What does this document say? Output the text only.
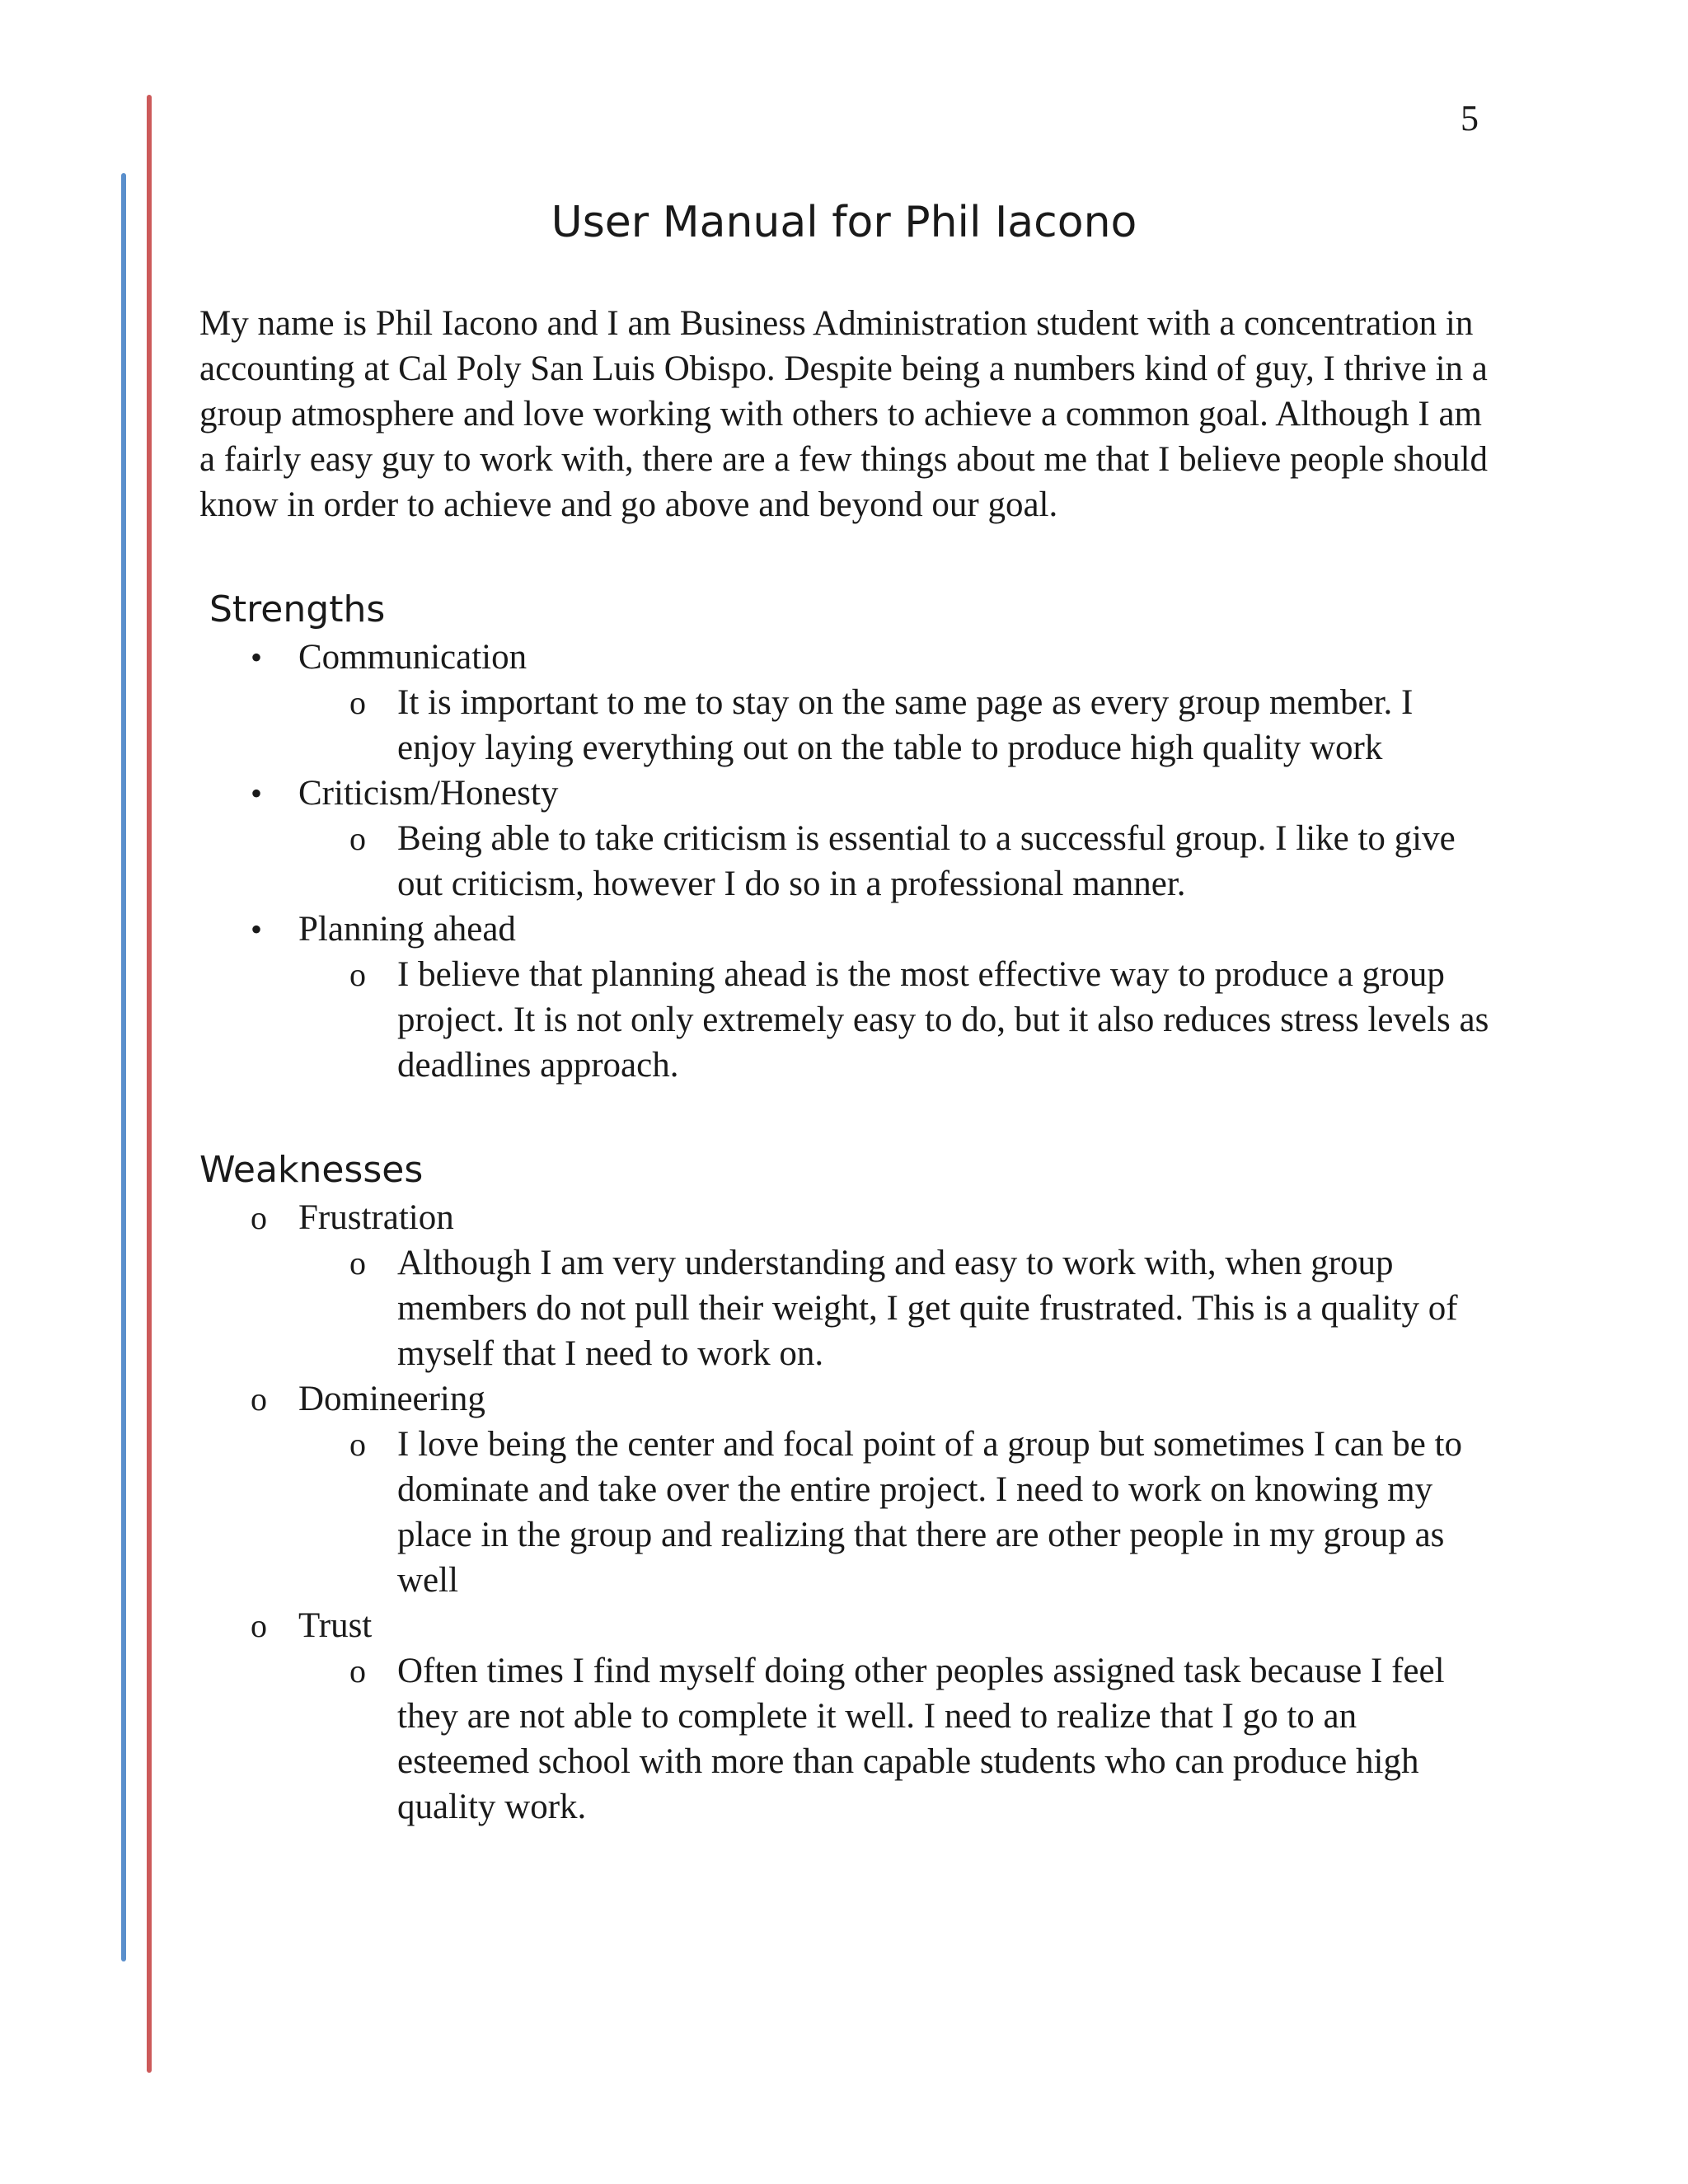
5
User Manual for Phil Iacono

My name is Phil Iacono and I am Business Administration student with a concentration in accounting at Cal Poly San Luis Obispo. Despite being a numbers kind of guy, I thrive in a group atmosphere and love working with others to achieve a common goal. Although I am a fairly easy guy to work with, there are a few things about me that I believe people should know in order to achieve and go above and beyond our goal.

Strengths
•	Communication
o It is important to me to stay on the same page as every group member. I enjoy laying everything out on the table to produce high quality work
•	Criticism/Honesty
o Being able to take criticism is essential to a successful group. I like to give out criticism, however I do so in a professional manner.
•	Planning ahead
o I believe that planning ahead is the most effective way to produce a group project. It is not only extremely easy to do, but it also reduces stress levels as deadlines approach.
Weaknesses
o Frustration
o Although I am very understanding and easy to work with, when group members do not pull their weight, I get quite frustrated. This is a quality of myself that I need to work on.
o Domineering
o I love being the center and focal point of a group but sometimes I can be to dominate and take over the entire project. I need to work on knowing my place in the group and realizing that there are other people in my group as well
o Trust
o Often times I find myself doing other peoples assigned task because I feel they are not able to complete it well. I need to realize that I go to an esteemed school with more than capable students who can produce high quality work.
